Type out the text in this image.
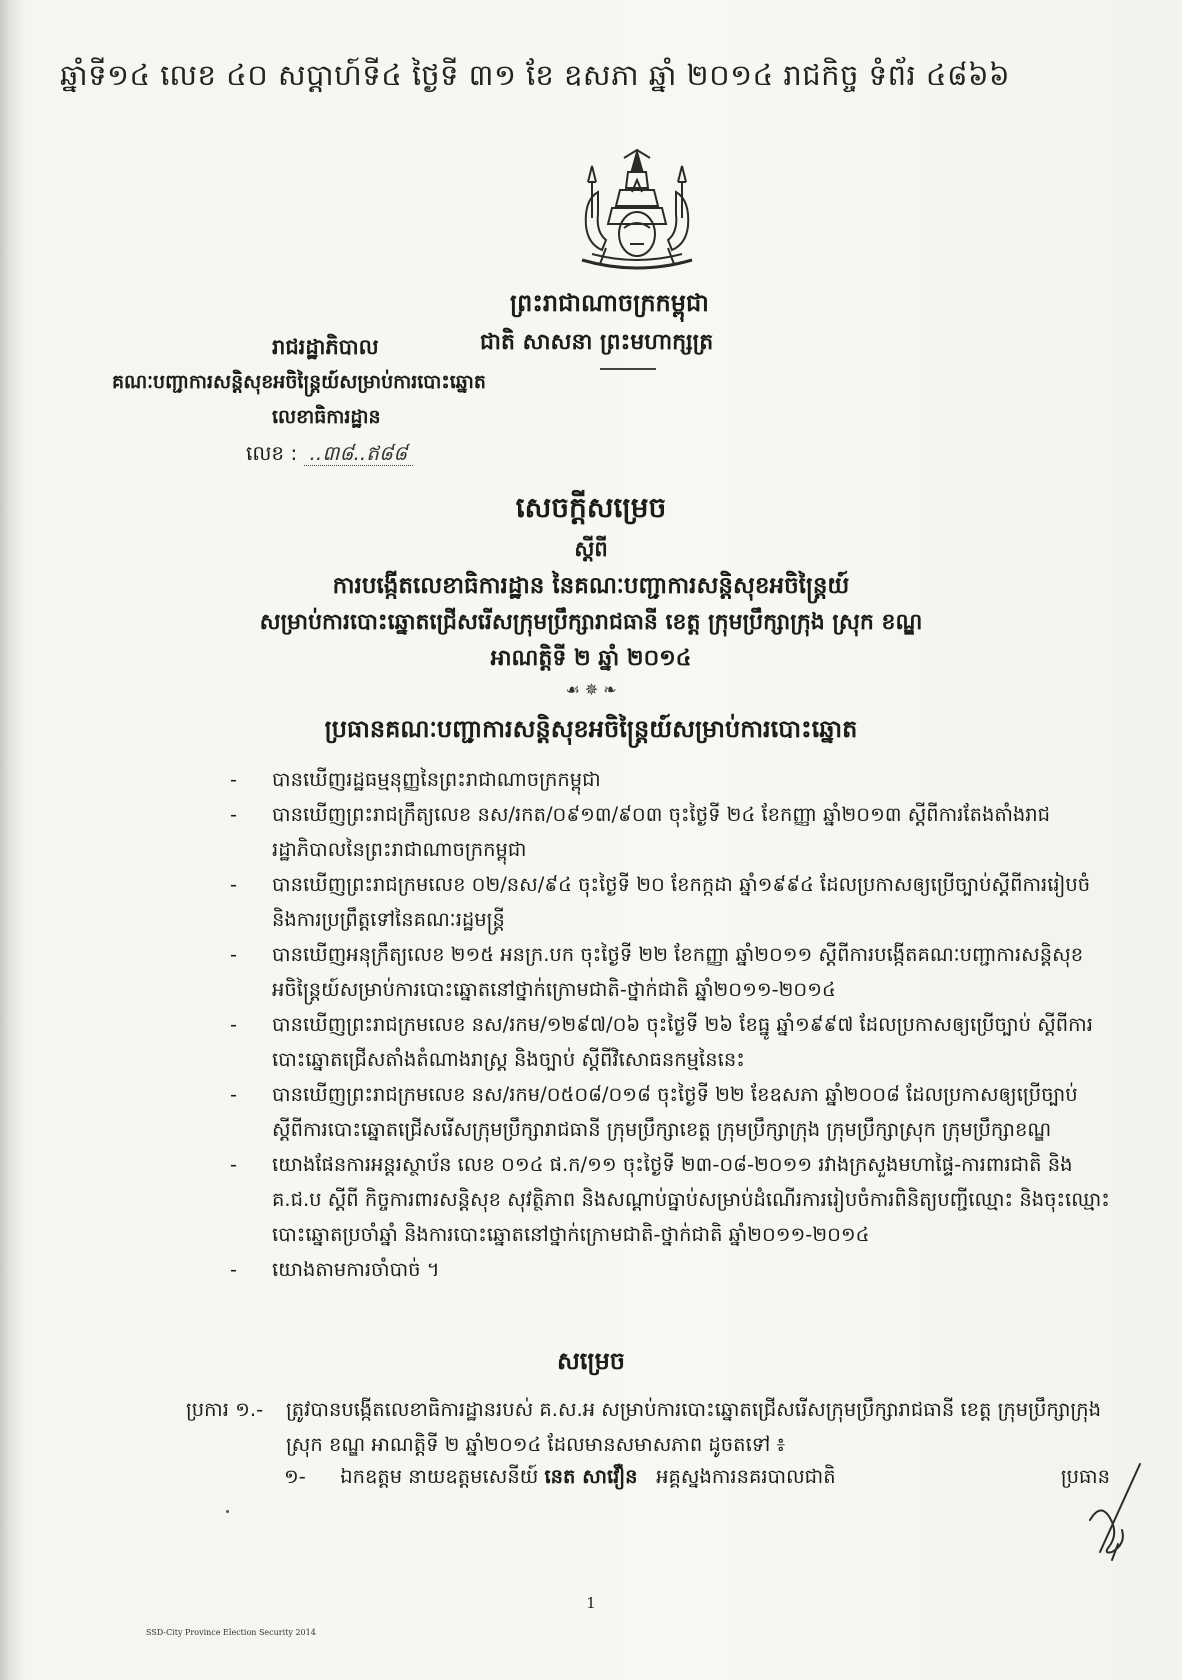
ឆ្នាំទី១៤ លេខ ៤០ សប្តាហ៍ទី៤ ថ្ងៃទី ៣១ ខែ ឧសភា ឆ្នាំ ២០១៤ រាជកិច្ច ទំព័រ ៤៨៦៦
ព្រះរាជាណាចក្រកម្ពុជា
ជាតិ សាសនា ព្រះមហាក្សត្រ
រាជរដ្ឋាភិបាល
គណៈបញ្ជាការសន្តិសុខអចិន្ត្រៃយ៍សម្រាប់ការបោះឆ្នោត
លេខាធិការដ្ឋាន
លេខ : ..៣៨..ឥ៨៨
សេចក្តីសម្រេច
ស្តីពី
ការបង្កើតលេខាធិការដ្ឋាន នៃគណៈបញ្ជាការសន្តិសុខអចិន្ត្រៃយ៍
សម្រាប់ការបោះឆ្នោតជ្រើសរើសក្រុមប្រឹក្សារាជធានី ខេត្ត ក្រុមប្រឹក្សាក្រុង ស្រុក ខណ្ឌ
អាណត្តិទី ២ ឆ្នាំ ២០១៤
☙ ✵ ❧
ប្រធានគណៈបញ្ជាការសន្តិសុខអចិន្ត្រៃយ៍សម្រាប់ការបោះឆ្នោត
- បានឃើញរដ្ឋធម្មនុញ្ញនៃព្រះរាជាណាចក្រកម្ពុជា
- បានឃើញព្រះរាជក្រឹត្យលេខ នស/រកត/០៩១៣/៩០៣ ចុះថ្ងៃទី ២៤ ខែកញ្ញា ឆ្នាំ២០១៣ ស្តីពីការតែងតាំងរាជរដ្ឋាភិបាលនៃព្រះរាជាណាចក្រកម្ពុជា
- បានឃើញព្រះរាជក្រមលេខ ០២/នស/៩៤ ចុះថ្ងៃទី ២០ ខែកក្កដា ឆ្នាំ១៩៩៤ ដែលប្រកាសឲ្យប្រើច្បាប់ស្តីពីការរៀបចំ និងការប្រព្រឹត្តទៅនៃគណៈរដ្ឋមន្ត្រី
- បានឃើញអនុក្រឹត្យលេខ ២១៥ អនក្រ.បក ចុះថ្ងៃទី ២២ ខែកញ្ញា ឆ្នាំ២០១១ ស្តីពីការបង្កើតគណៈបញ្ជាការសន្តិសុខអចិន្ត្រៃយ៍សម្រាប់ការបោះឆ្នោតនៅថ្នាក់ក្រោមជាតិ-ថ្នាក់ជាតិ ឆ្នាំ២០១១-២០១៤
- បានឃើញព្រះរាជក្រមលេខ នស/រកម/១២៩៧/០៦ ចុះថ្ងៃទី ២៦ ខែធ្នូ ឆ្នាំ១៩៩៧ ដែលប្រកាសឲ្យប្រើច្បាប់ ស្តីពីការបោះឆ្នោតជ្រើសតាំងតំណាងរាស្ត្រ និងច្បាប់ ស្តីពីវិសោធនកម្មនៃនេះ
- បានឃើញព្រះរាជក្រមលេខ នស/រកម/០៥០៨/០១៨ ចុះថ្ងៃទី ២២ ខែឧសភា ឆ្នាំ២០០៨ ដែលប្រកាសឲ្យប្រើច្បាប់ ស្តីពីការបោះឆ្នោតជ្រើសរើសក្រុមប្រឹក្សារាជធានី ក្រុមប្រឹក្សាខេត្ត ក្រុមប្រឹក្សាក្រុង ក្រុមប្រឹក្សាស្រុក ក្រុមប្រឹក្សាខណ្ឌ
- យោងផែនការអន្តរស្ថាប័ន លេខ ០១៤ ផ.ក/១១ ចុះថ្ងៃទី ២៣-០៨-២០១១ រវាងក្រសួងមហាផ្ទៃ-ការពារជាតិ និង គ.ជ.ប ស្តីពី កិច្ចការពារសន្តិសុខ សុវត្ថិភាព និងសណ្តាប់ធ្នាប់សម្រាប់ដំណើរការរៀបចំការពិនិត្យបញ្ជីឈ្មោះ និងចុះឈ្មោះបោះឆ្នោតប្រចាំឆ្នាំ និងការបោះឆ្នោតនៅថ្នាក់ក្រោមជាតិ-ថ្នាក់ជាតិ ឆ្នាំ២០១១-២០១៤
- យោងតាមការចាំបាច់ ។
សម្រេច
ប្រការ ១.- ត្រូវបានបង្កើតលេខាធិការដ្ឋានរបស់ គ.ស.អ សម្រាប់ការបោះឆ្នោតជ្រើសរើសក្រុមប្រឹក្សារាជធានី ខេត្ត ក្រុមប្រឹក្សាក្រុង ស្រុក ខណ្ឌ អាណត្តិទី ២ ឆ្នាំ២០១៤ ដែលមានសមាសភាព ដូចតទៅ ៖
១- ឯកឧត្តម នាយឧត្តមសេនីយ៍ នេត សាវឿន អគ្គស្នងការនគរបាលជាតិ	ប្រធាន
1
SSD-City Province Election Security 2014
